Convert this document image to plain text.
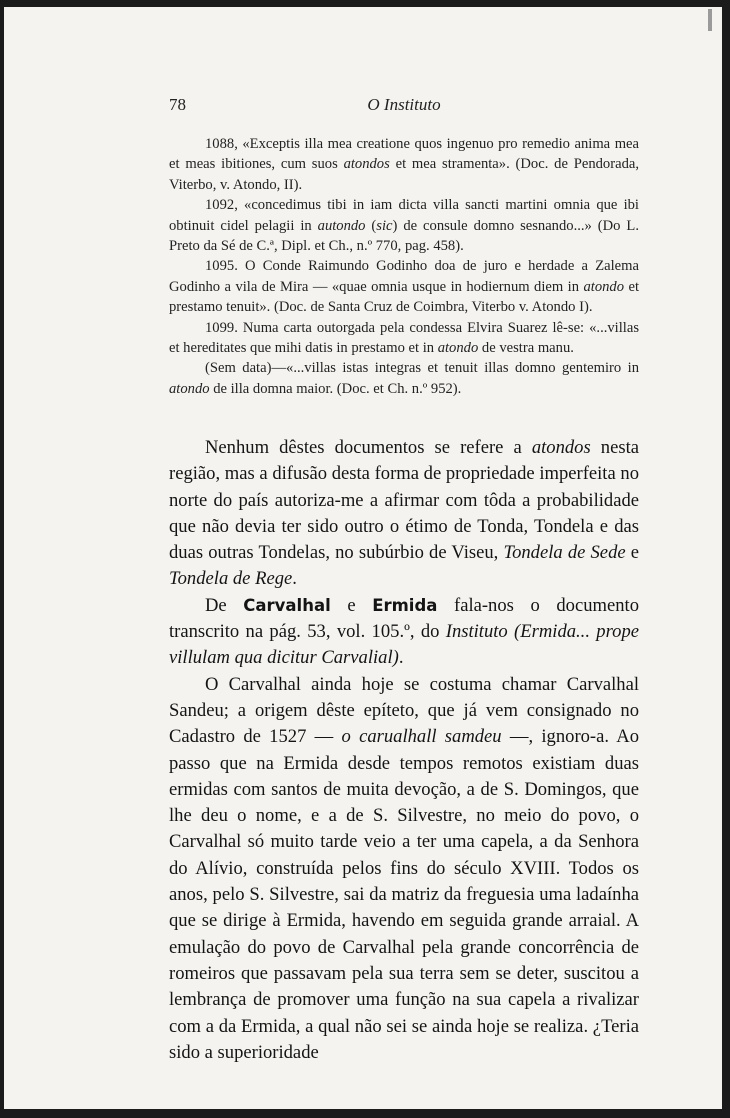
78	O Instituto

1088, «Exceptis illa mea creatione quos ingenuo pro remedio anima mea et meas ibitiones, cum suos atondos et mea stramenta». (Doc. de Pendorada, Viterbo, v. Atondo, II).

1092, «concedimus tibi in iam dicta villa sancti martini omnia que ibi obtinuit cidel pelagii in autondo (sic) de consule domno sesnando...» (Do L. Preto da Sé de C.ª, Dipl. et Ch., n.º 770, pag. 458).

1095. O Conde Raimundo Godinho doa de juro e herdade a Zalema Godinho a vila de Mira — «quae omnia usque in hodiernum diem in atondo et prestamo tenuit». (Doc. de Santa Cruz de Coimbra, Viterbo v. Atondo I).

1099. Numa carta outorgada pela condessa Elvira Suarez lê-se: «...villas et hereditates que mihi datis in prestamo et in atondo de vestra manu.

(Sem data)—«...villas istas integras et tenuit illas domno gentemiro in atondo de illa domna maior. (Doc. et Ch. n.º 952).

Nenhum dêstes documentos se refere a atondos nesta região, mas a difusão desta forma de propriedade imperfeita no norte do país autoriza-me a afirmar com tôda a probabilidade que não devia ter sido outro o étimo de Tonda, Tondela e das duas outras Tondelas, no subúrbio de Viseu, Tondela de Sede e Tondela de Rege.

De Carvalhal e Ermida fala-nos o documento transcrito na pág. 53, vol. 105.º, do Instituto (Ermida... prope villulam qua dicitur Carvalial).

O Carvalhal ainda hoje se costuma chamar Carvalhal Sandeu; a origem dêste epíteto, que já vem consignado no Cadastro de 1527 — o carualhall samdeu —, ignoro-a. Ao passo que na Ermida desde tempos remotos existiam duas ermidas com santos de muita devoção, a de S. Domingos, que lhe deu o nome, e a de S. Silvestre, no meio do povo, o Carvalhal só muito tarde veio a ter uma capela, a da Senhora do Alívio, construída pelos fins do século XVIII. Todos os anos, pelo S. Silvestre, sai da matriz da freguesia uma ladaínha que se dirige à Ermida, havendo em seguida grande arraial. A emulação do povo de Carvalhal pela grande concorrência de romeiros que passavam pela sua terra sem se deter, suscitou a lembrança de promover uma função na sua capela a rivalizar com a da Ermida, a qual não sei se ainda hoje se realiza. ¿Teria sido a superioridade
